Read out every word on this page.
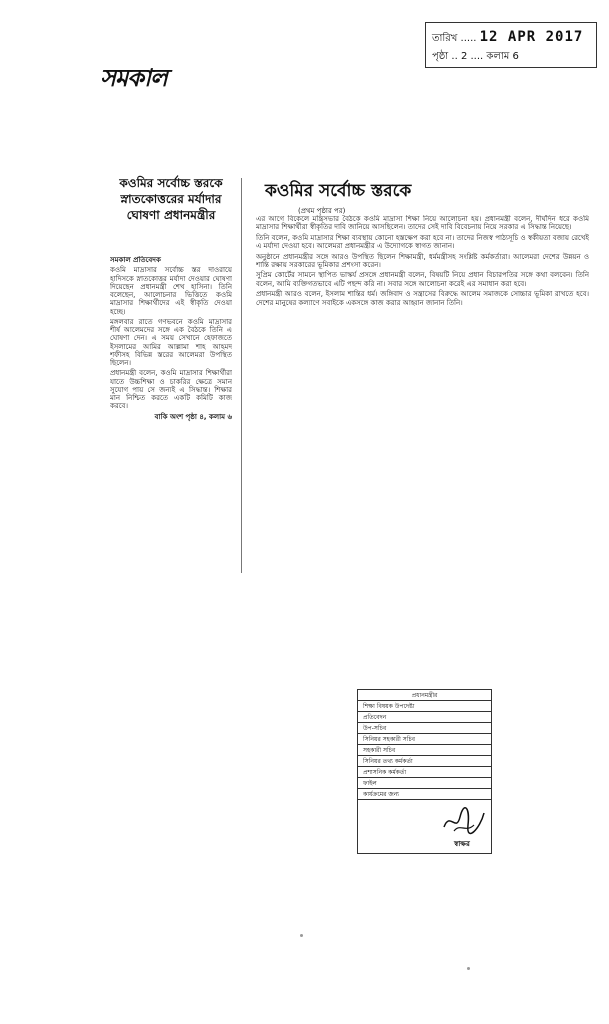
তারিখ ..... 12 APR 2017
পৃষ্ঠা .. 2 .... কলাম 6
সমকাল
কওমির সর্বোচ্চ স্তরকে স্নাতকোত্তরের মর্যাদার ঘোষণা প্রধানমন্ত্রীর

সমকাল প্রতিবেদক

কওমি মাদ্রাসার সর্বোচ্চ স্তর দাওরায়ে হাদিসকে স্নাতকোত্তর মর্যাদা দেওয়ার ঘোষণা দিয়েছেন প্রধানমন্ত্রী শেখ হাসিনা। তিনি বলেছেন, আলোচনার ভিত্তিতে কওমি মাদ্রাসার শিক্ষার্থীদের এই স্বীকৃতি দেওয়া হচ্ছে।

মঙ্গলবার রাতে গণভবনে কওমি মাদ্রাসার শীর্ষ আলেমদের সঙ্গে এক বৈঠকে তিনি এ ঘোষণা দেন। এ সময় সেখানে হেফাজতে ইসলামের আমির আল্লামা শাহ আহমদ শফীসহ বিভিন্ন স্তরের আলেমরা উপস্থিত ছিলেন।

প্রধানমন্ত্রী বলেন, কওমি মাদ্রাসার শিক্ষার্থীরা যাতে উচ্চশিক্ষা ও চাকরির ক্ষেত্রে সমান সুযোগ পায় সে জন্যই এ সিদ্ধান্ত। শিক্ষার মান নিশ্চিত করতে একটি কমিটি কাজ করবে।

বাকি অংশ পৃষ্ঠা ৪, কলাম ৬

কওমির সর্বোচ্চ স্তরকে
(প্রথম পৃষ্ঠার পর)

এর আগে বিকেলে মন্ত্রিসভার বৈঠকে কওমি মাদ্রাসা শিক্ষা নিয়ে আলোচনা হয়। প্রধানমন্ত্রী বলেন, দীর্ঘদিন ধরে কওমি মাদ্রাসার শিক্ষার্থীরা স্বীকৃতির দাবি জানিয়ে আসছিলেন। তাদের সেই দাবি বিবেচনায় নিয়ে সরকার এ সিদ্ধান্ত নিয়েছে।

তিনি বলেন, কওমি মাদ্রাসার শিক্ষা ব্যবস্থায় কোনো হস্তক্ষেপ করা হবে না। তাদের নিজস্ব পাঠ্যসূচি ও স্বকীয়তা বজায় রেখেই এ মর্যাদা দেওয়া হবে। আলেমরা প্রধানমন্ত্রীর এ উদ্যোগকে স্বাগত জানান।

অনুষ্ঠানে প্রধানমন্ত্রীর সঙ্গে আরও উপস্থিত ছিলেন শিক্ষামন্ত্রী, ধর্মমন্ত্রীসহ সংশ্লিষ্ট কর্মকর্তারা। আলেমরা দেশের উন্নয়ন ও শান্তি রক্ষায় সরকারের ভূমিকার প্রশংসা করেন।

সুপ্রিম কোর্টের সামনে স্থাপিত ভাস্কর্য প্রসঙ্গে প্রধানমন্ত্রী বলেন, বিষয়টি নিয়ে প্রধান বিচারপতির সঙ্গে কথা বলবেন। তিনি বলেন, আমি ব্যক্তিগতভাবে এটি পছন্দ করি না। সবার সঙ্গে আলোচনা করেই এর সমাধান করা হবে।

প্রধানমন্ত্রী আরও বলেন, ইসলাম শান্তির ধর্ম। জঙ্গিবাদ ও সন্ত্রাসের বিরুদ্ধে আলেম সমাজকে সোচ্চার ভূমিকা রাখতে হবে। দেশের মানুষের কল্যাণে সবাইকে একসঙ্গে কাজ করার আহ্বান জানান তিনি।

প্রধানমন্ত্রীর
শিক্ষা বিষয়ক উপদেষ্টা
প্রতিবেদন
উপ-সচিব
সিনিয়র সহকারী সচিব
সহকারী সচিব
সিনিয়র তথ্য কর্মকর্তা
প্রশাসনিক কর্মকর্তা
ফাইল
কার্যক্রমের জন্য
স্বাক্ষর
